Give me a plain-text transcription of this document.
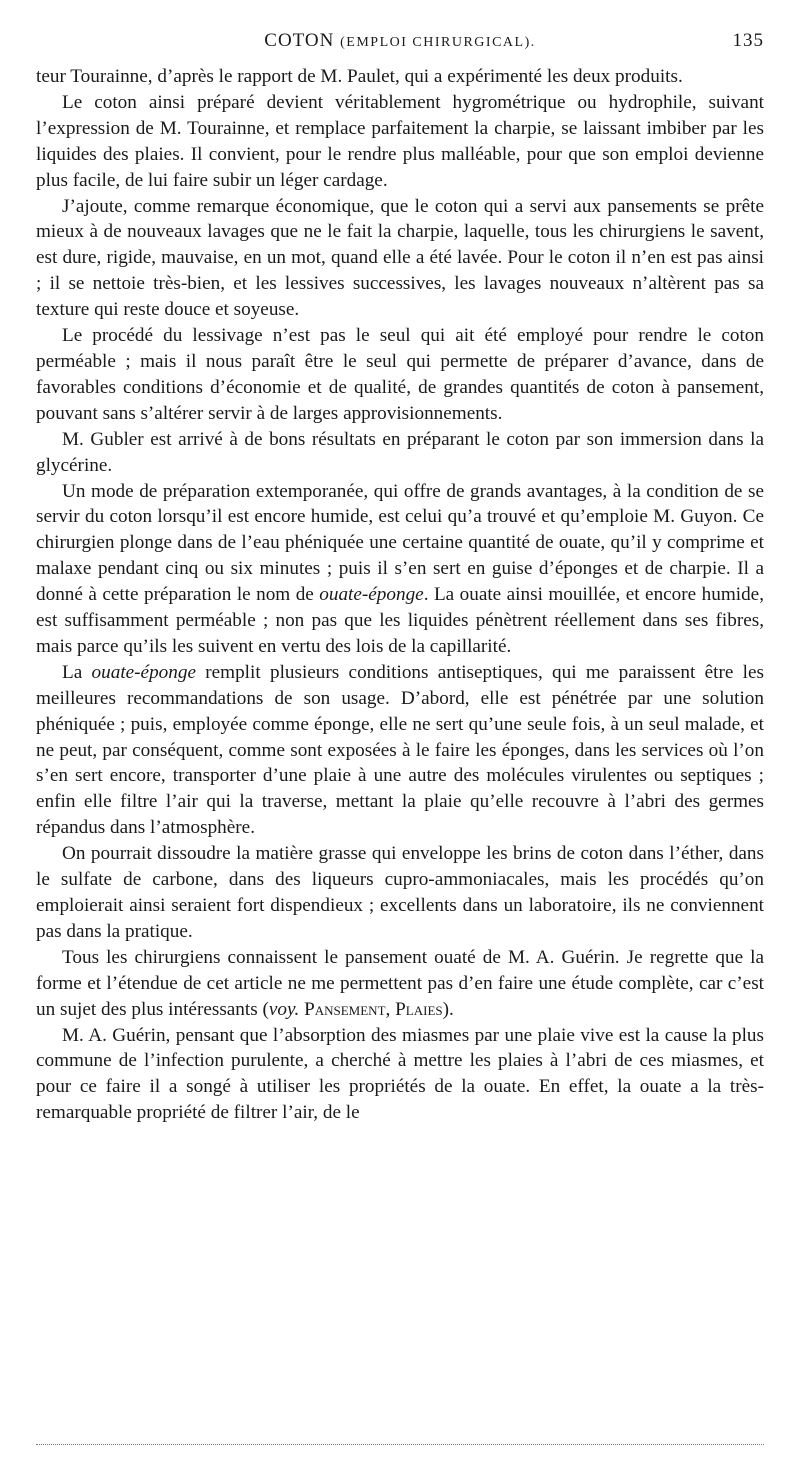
COTON (EMPLOI CHIRURGICAL).	135

teur Tourainne, d’après le rapport de M. Paulet, qui a expérimenté les deux produits.

Le coton ainsi préparé devient véritablement hygrométrique ou hydrophile, suivant l’expression de M. Tourainne, et remplace parfaitement la charpie, se laissant imbiber par les liquides des plaies. Il convient, pour le rendre plus malléable, pour que son emploi devienne plus facile, de lui faire subir un léger cardage.

J’ajoute, comme remarque économique, que le coton qui a servi aux pansements se prête mieux à de nouveaux lavages que ne le fait la charpie, laquelle, tous les chirurgiens le savent, est dure, rigide, mauvaise, en un mot, quand elle a été lavée. Pour le coton il n’en est pas ainsi ; il se nettoie très-bien, et les lessives successives, les lavages nouveaux n’altèrent pas sa texture qui reste douce et soyeuse.

Le procédé du lessivage n’est pas le seul qui ait été employé pour rendre le coton perméable ; mais il nous paraît être le seul qui permette de préparer d’avance, dans de favorables conditions d’économie et de qualité, de grandes quantités de coton à pansement, pouvant sans s’altérer servir à de larges approvisionnements.

M. Gubler est arrivé à de bons résultats en préparant le coton par son immersion dans la glycérine.

Un mode de préparation extemporanée, qui offre de grands avantages, à la condition de se servir du coton lorsqu’il est encore humide, est celui qu’a trouvé et qu’emploie M. Guyon. Ce chirurgien plonge dans de l’eau phéniquée une certaine quantité de ouate, qu’il y comprime et malaxe pendant cinq ou six minutes ; puis il s’en sert en guise d’éponges et de charpie. Il a donné à cette préparation le nom de ouate-éponge. La ouate ainsi mouillée, et encore humide, est suffisamment perméable ; non pas que les liquides pénètrent réellement dans ses fibres, mais parce qu’ils les suivent en vertu des lois de la capillarité.

La ouate-éponge remplit plusieurs conditions antiseptiques, qui me paraissent être les meilleures recommandations de son usage. D’abord, elle est pénétrée par une solution phéniquée ; puis, employée comme éponge, elle ne sert qu’une seule fois, à un seul malade, et ne peut, par conséquent, comme sont exposées à le faire les éponges, dans les services où l’on s’en sert encore, transporter d’une plaie à une autre des molécules virulentes ou septiques ; enfin elle filtre l’air qui la traverse, mettant la plaie qu’elle recouvre à l’abri des germes répandus dans l’atmosphère.

On pourrait dissoudre la matière grasse qui enveloppe les brins de coton dans l’éther, dans le sulfate de carbone, dans des liqueurs cupro-ammoniacales, mais les procédés qu’on emploierait ainsi seraient fort dispendieux ; excellents dans un laboratoire, ils ne conviennent pas dans la pratique.

Tous les chirurgiens connaissent le pansement ouaté de M. A. Guérin. Je regrette que la forme et l’étendue de cet article ne me permettent pas d’en faire une étude complète, car c’est un sujet des plus intéressants (voy. Pansement, Plaies).

M. A. Guérin, pensant que l’absorption des miasmes par une plaie vive est la cause la plus commune de l’infection purulente, a cherché à mettre les plaies à l’abri de ces miasmes, et pour ce faire il a songé à utiliser les propriétés de la ouate. En effet, la ouate a la très-remarquable propriété de filtrer l’air, de le
